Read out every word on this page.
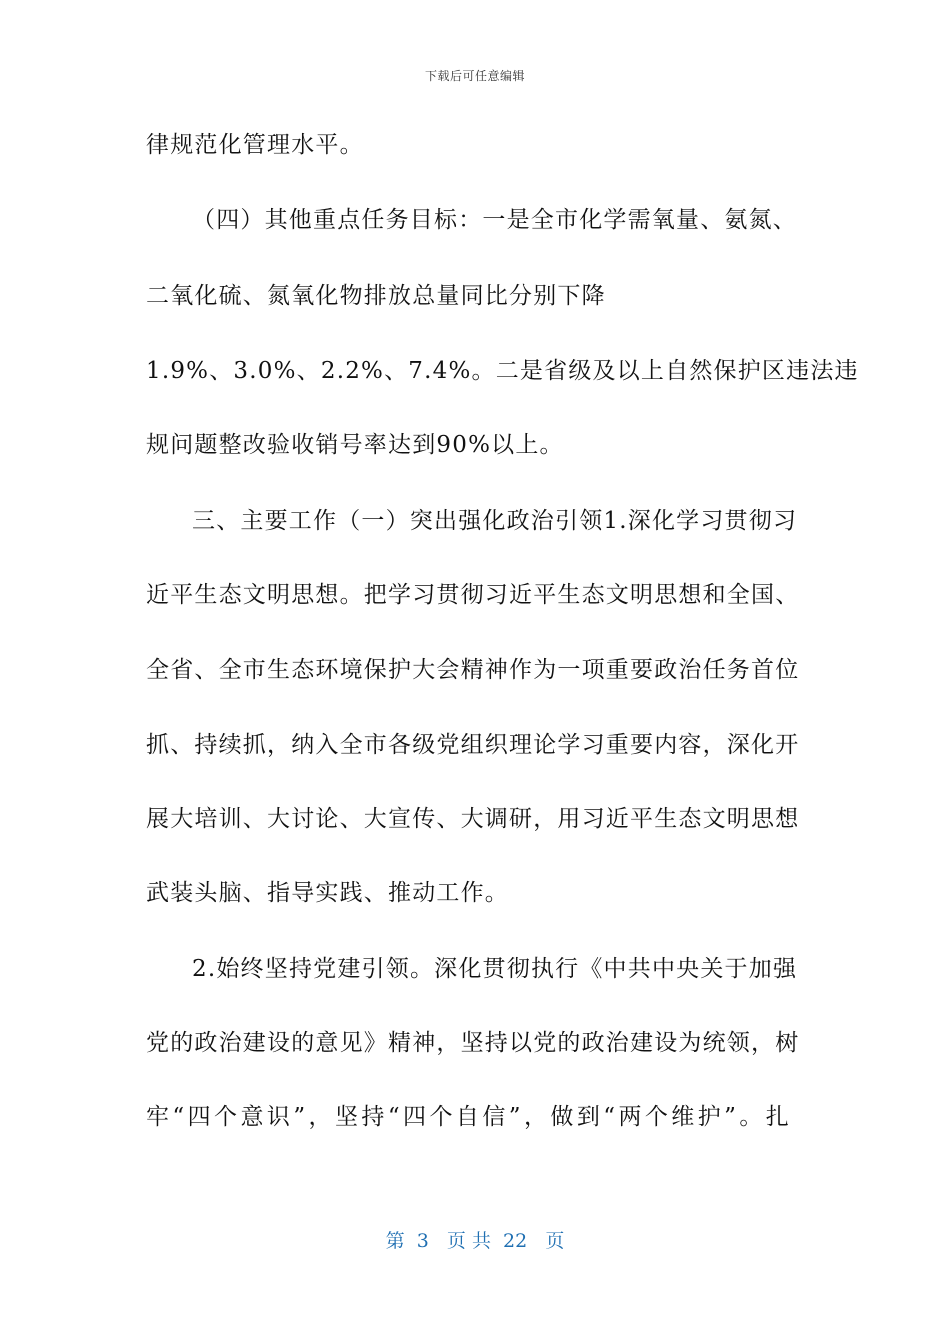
下载后可任意编辑
律规范化管理水平。
（四）其他重点任务目标：一是全市化学需氧量、氨氮、
二氧化硫、氮氧化物排放总量同比分别下降
1.9%、3.0%、2.2%、7.4%。二是省级及以上自然保护区违法违
规问题整改验收销号率达到90%以上。
三、主要工作（一）突出强化政治引领1.深化学习贯彻习
近平生态文明思想。把学习贯彻习近平生态文明思想和全国、
全省、全市生态环境保护大会精神作为一项重要政治任务首位
抓、持续抓，纳入全市各级党组织理论学习重要内容，深化开
展大培训、大讨论、大宣传、大调研，用习近平生态文明思想
武装头脑、指导实践、推动工作。
2.始终坚持党建引领。深化贯彻执行《中共中央关于加强
党的政治建设的意见》精神，坚持以党的政治建设为统领，树
牢“四个意识”，坚持“四个自信”，做到“两个维护”。扎
第  3   页 共  22   页
